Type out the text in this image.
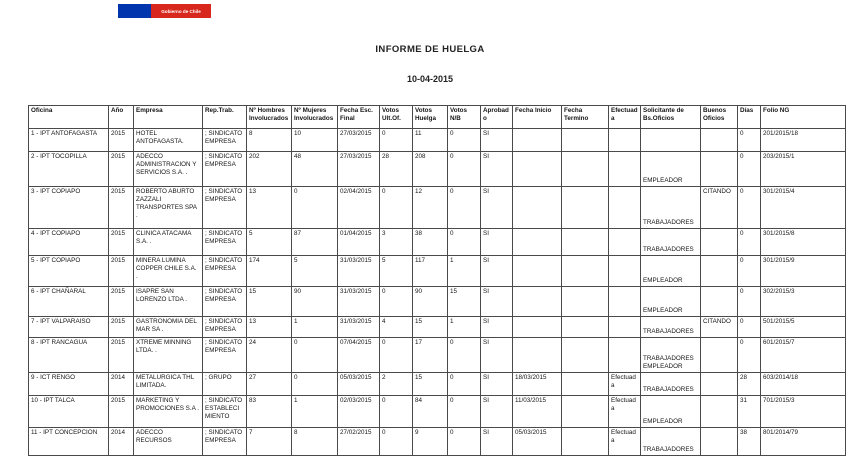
Gobierno de Chile
INFORME DE HUELGA
10-04-2015
Oficina	Año	Empresa	Rep.Trab.	Nº Hombres Involucrados	Nº Mujeres Involucrados	Fecha Esc. Final	Votos Ult.Of.	Votos Huelga	Votos N/B	Aprobado	Fecha Inicio	Fecha Termino	Efectuada	Solicitante de Bs.Oficios	Buenos Oficios	Días	Folio NG
1 - IPT ANTOFAGASTA	2015	HOTEL ANTOFAGASTA.	; SINDICATO EMPRESA	8	10	27/03/2015	0	11	0	SI						0	201/2015/18
2 - IPT TOCOPILLA	2015	ADECCO ADMINISTRACION Y SERVICIOS S.A. .	; SINDICATO EMPRESA	202	48	27/03/2015	28	208	0	SI				EMPLEADOR		0	203/2015/1
3 - IPT COPIAPO	2015	ROBERTO ABURTO ZAZZALI TRANSPORTES SPA .	; SINDICATO EMPRESA	13	0	02/04/2015	0	12	0	SI				TRABAJADORES	CITANDO	0	301/2015/4
4 - IPT COPIAPO	2015	CLINICA ATACAMA S.A. .	; SINDICATO EMPRESA	5	87	01/04/2015	3	38	0	SI				TRABAJADORES		0	301/2015/8
5 - IPT COPIAPO	2015	MINERA LUMINA COPPER CHILE S.A. .	; SINDICATO EMPRESA	174	5	31/03/2015	5	117	1	SI				EMPLEADOR		0	301/2015/9
6 - IPT CHAÑARAL	2015	ISAPRE SAN LORENZO LTDA .	; SINDICATO EMPRESA	15	90	31/03/2015	0	90	15	SI				EMPLEADOR		0	302/2015/3
7 - IPT VALPARAISO	2015	GASTRONOMIA DEL MAR SA .	; SINDICATO EMPRESA	13	1	31/03/2015	4	15	1	SI				TRABAJADORES	CITANDO	0	501/2015/5
8 - IPT RANCAGUA	2015	XTREME MINNING LTDA. .	; SINDICATO EMPRESA	24	0	07/04/2015	0	17	0	SI				TRABAJADORES EMPLEADOR		0	601/2015/7
9 - ICT RENGO	2014	METALURGICA THL LIMITADA.	; GRUPO	27	0	05/03/2015	2	15	0	SI	18/03/2015		Efectuada	TRABAJADORES		28	603/2014/18
10 - IPT TALCA	2015	MARKETING Y PROMOCIONES S.A .	; SINDICATO ESTABLECIMIENTO	83	1	02/03/2015	0	84	0	SI	11/03/2015		Efectuada	EMPLEADOR		31	701/2015/3
11 - IPT CONCEPCION	2014	ADECCO RECURSOS	; SINDICATO EMPRESA	7	8	27/02/2015	0	9	0	SI	05/03/2015		Efectuada	TRABAJADORES		38	801/2014/79
